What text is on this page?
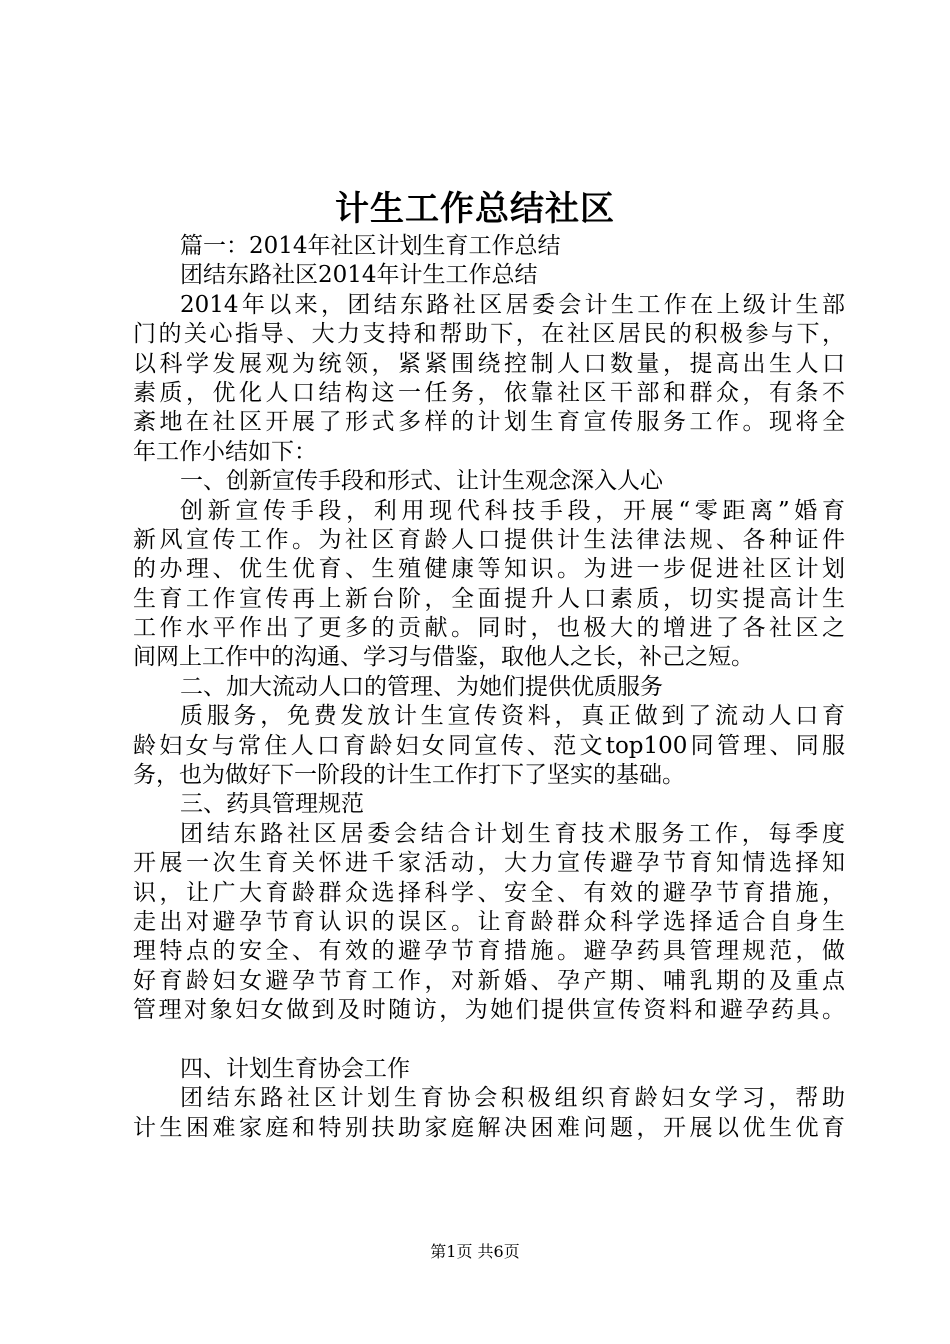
计生工作总结社区
篇一：2014年社区计划生育工作总结
团结东路社区2014年计生工作总结
2014年以来，团结东路社区居委会计生工作在上级计生部
门的关心指导、大力支持和帮助下，在社区居民的积极参与下，
以科学发展观为统领，紧紧围绕控制人口数量，提高出生人口
素质，优化人口结构这一任务，依靠社区干部和群众，有条不
紊地在社区开展了形式多样的计划生育宣传服务工作。现将全
年工作小结如下：
一、创新宣传手段和形式、让计生观念深入人心
创新宣传手段，利用现代科技手段，开展“零距离”婚育
新风宣传工作。为社区育龄人口提供计生法律法规、各种证件
的办理、优生优育、生殖健康等知识。为进一步促进社区计划
生育工作宣传再上新台阶，全面提升人口素质，切实提高计生
工作水平作出了更多的贡献。同时，也极大的增进了各社区之
间网上工作中的沟通、学习与借鉴，取他人之长，补己之短。
二、加大流动人口的管理、为她们提供优质服务
质服务，免费发放计生宣传资料，真正做到了流动人口育
龄妇女与常住人口育龄妇女同宣传、范文top100同管理、同服
务，也为做好下一阶段的计生工作打下了坚实的基础。
三、药具管理规范
团结东路社区居委会结合计划生育技术服务工作，每季度
开展一次生育关怀进千家活动，大力宣传避孕节育知情选择知
识，让广大育龄群众选择科学、安全、有效的避孕节育措施，
走出对避孕节育认识的误区。让育龄群众科学选择适合自身生
理特点的安全、有效的避孕节育措施。避孕药具管理规范，做
好育龄妇女避孕节育工作，对新婚、孕产期、哺乳期的及重点
管理对象妇女做到及时随访，为她们提供宣传资料和避孕药具。
四、计划生育协会工作
团结东路社区计划生育协会积极组织育龄妇女学习，帮助
计生困难家庭和特别扶助家庭解决困难问题，开展以优生优育
第1页 共6页
